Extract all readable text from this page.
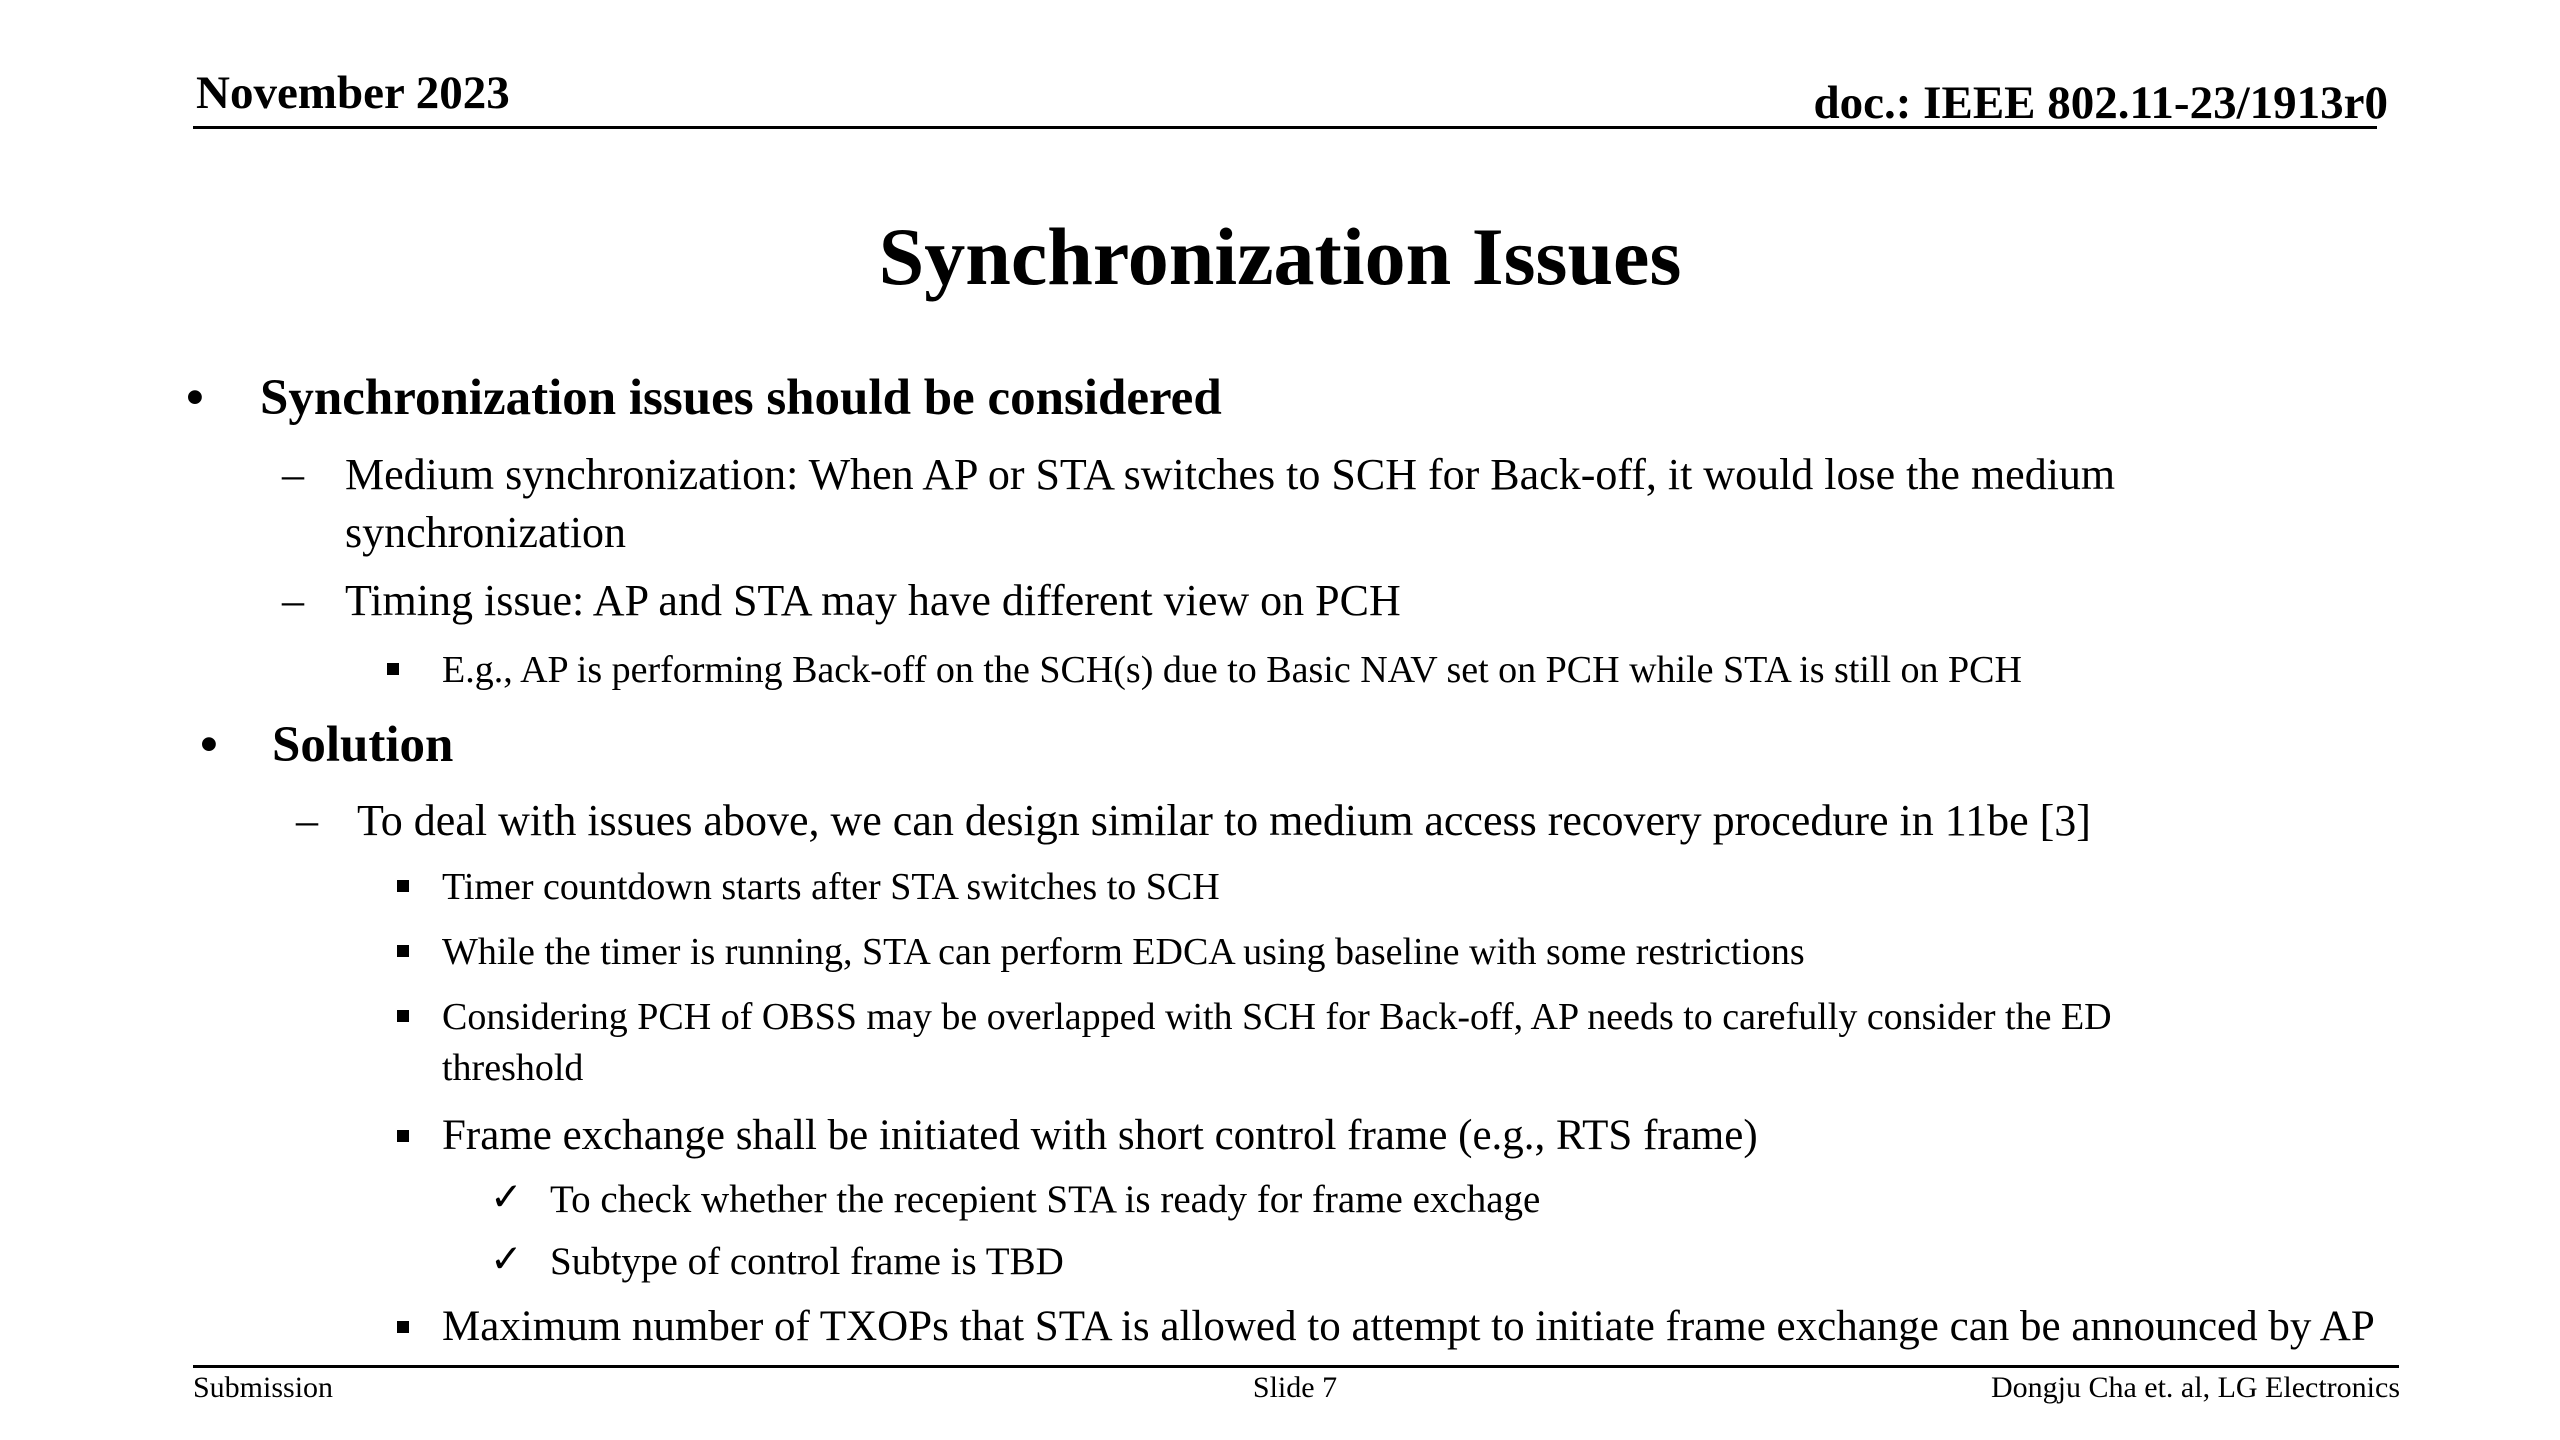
November 2023	doc.: IEEE 802.11-23/1913r0
Synchronization Issues
• Synchronization issues should be considered
– Medium synchronization: When AP or STA switches to SCH for Back-off, it would lose the medium
synchronization
– Timing issue: AP and STA may have different view on PCH
E.g., AP is performing Back-off on the SCH(s) due to Basic NAV set on PCH while STA is still on PCH
• Solution
– To deal with issues above, we can design similar to medium access recovery procedure in 11be [3]
Timer countdown starts after STA switches to SCH
While the timer is running, STA can perform EDCA using baseline with some restrictions
Considering PCH of OBSS may be overlapped with SCH for Back-off, AP needs to carefully consider the ED
threshold
Frame exchange shall be initiated with short control frame (e.g., RTS frame)
✓ To check whether the recepient STA is ready for frame exchage
✓ Subtype of control frame is TBD
Maximum number of TXOPs that STA is allowed to attempt to initiate frame exchange can be announced by AP
Submission	Slide 7	Dongju Cha et. al, LG Electronics
